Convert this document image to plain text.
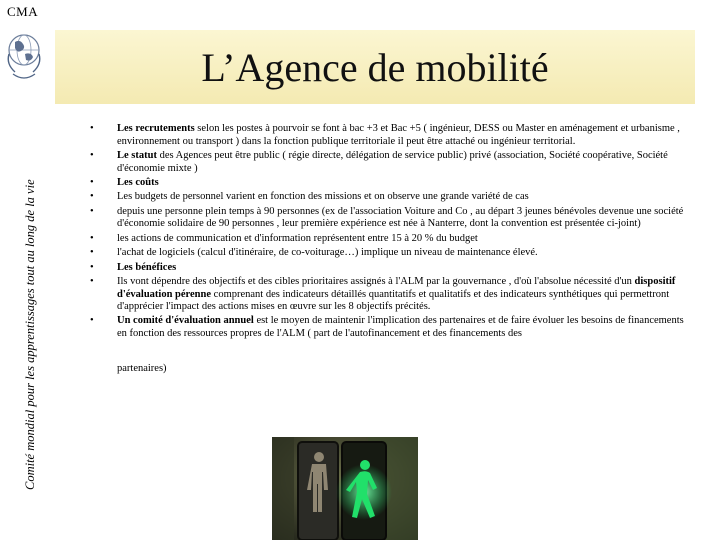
CMA
Comité mondial pour les apprentissages tout au long de la vie
L’Agence de mobilité
• Les recrutements selon les postes à pourvoir se font à bac +3 et Bac +5 ( ingénieur, DESS ou Master en aménagement et urbanisme , environnement ou transport ) dans la fonction publique territoriale il peut être attaché ou ingénieur territorial.
• Le statut des Agences peut être public ( régie directe, délégation de service public) privé (association, Société coopérative, Société d'économie mixte )
• Les coûts
• Les budgets de personnel varient en fonction des missions et on observe une grande variété de cas
• depuis une personne plein temps à 90 personnes (ex de l'association Voiture and Co , au départ 3 jeunes bénévoles devenue une société d'économie solidaire de 90 personnes , leur première expérience est née à Nanterre, dont la convention est présentée ci-joint)
• les actions de communication et d'information représentent entre 15 à 20 % du budget
• l'achat de logiciels (calcul d'itinéraire, de co-voiturage…) implique un niveau de maintenance élevé.
• Les bénéfices
• Ils vont dépendre des objectifs et des cibles prioritaires assignés à l'ALM par la gouvernance , d'où l'absolue nécessité d'un dispositif d'évaluation pérenne comprenant des indicateurs détaillés quantitatifs et qualitatifs et des indicateurs synthétiques qui permettront d'apprécier l'impact des actions mises en œuvre sur les 8 objectifs précités.
• Un comité d'évaluation annuel est le moyen de maintenir l'implication des partenaires et de faire évoluer les besoins de financements en fonction des ressources propres de l'ALM ( part de l'autofinancement et des financements des
partenaires)
